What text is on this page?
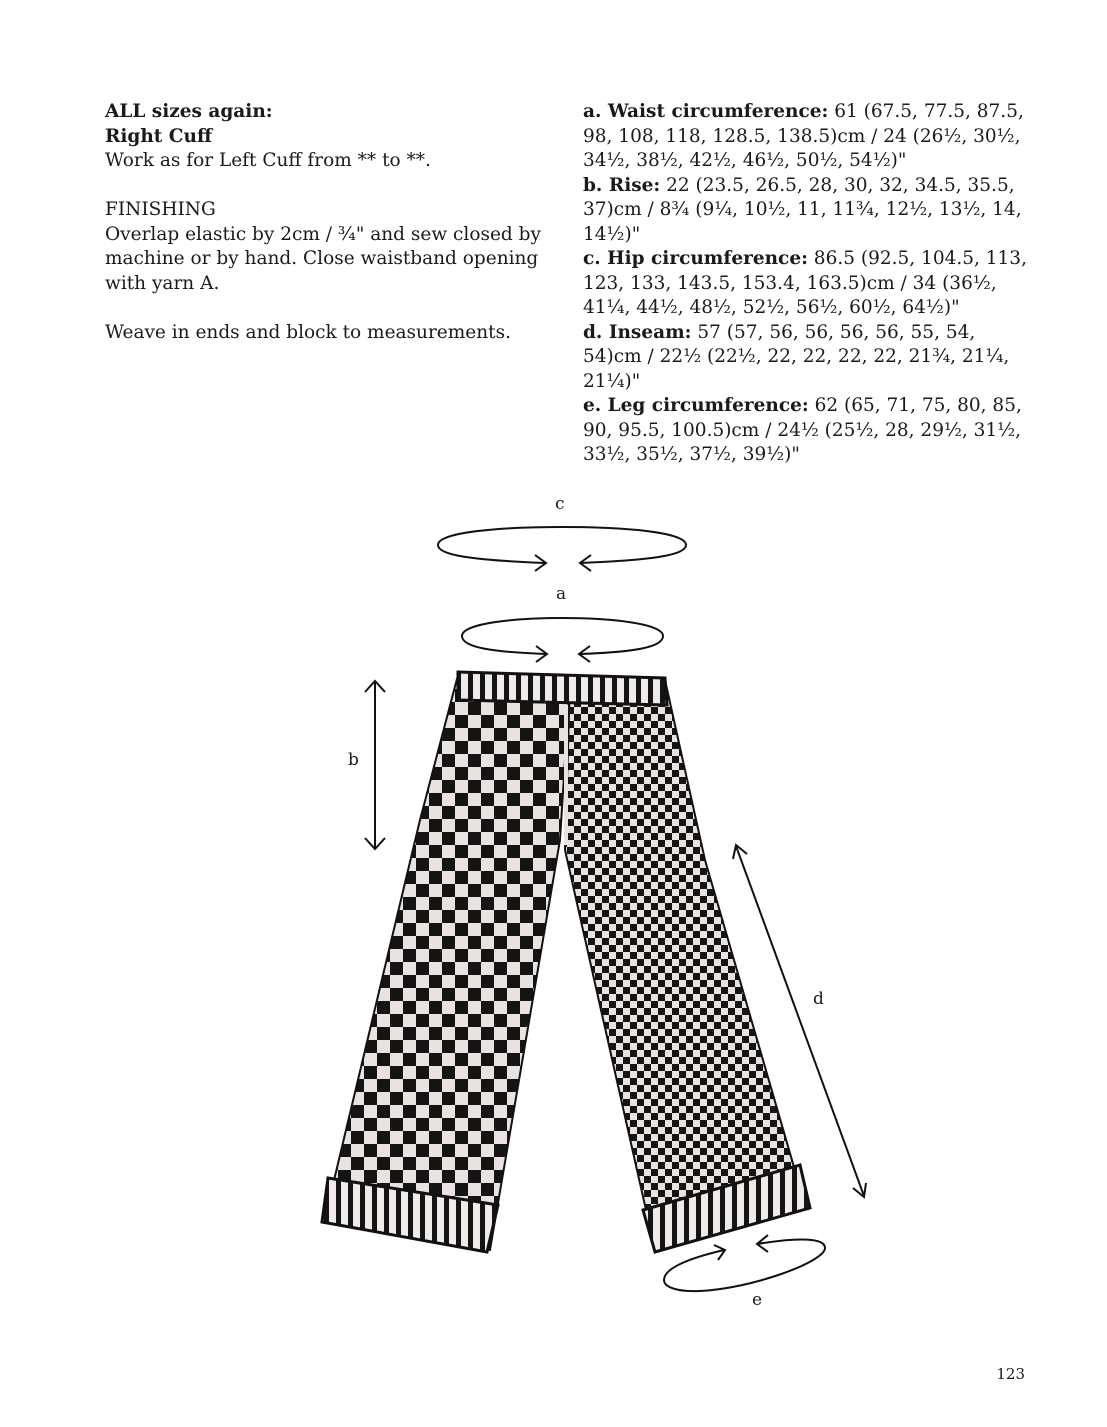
ALL sizes again:
Right Cuff
Work as for Left Cuff from ** to **.
FINISHING
Overlap elastic by 2cm / ¾" and sew closed by machine or by hand. Close waistband opening with yarn A.
Weave in ends and block to measurements.
a. Waist circumference: 61 (67.5, 77.5, 87.5, 98, 108, 118, 128.5, 138.5)cm / 24 (26½, 30½, 34½, 38½, 42½, 46½, 50½, 54½)"
b. Rise: 22 (23.5, 26.5, 28, 30, 32, 34.5, 35.5, 37)cm / 8¾ (9¼, 10½, 11, 11¾, 12½, 13½, 14, 14½)"
c. Hip circumference: 86.5 (92.5, 104.5, 113, 123, 133, 143.5, 153.4, 163.5)cm / 34 (36½, 41¼, 44½, 48½, 52½, 56½, 60½, 64½)"
d. Inseam: 57 (57, 56, 56, 56, 56, 55, 54, 54)cm / 22½ (22½, 22, 22, 22, 22, 21¾, 21¼, 21¼)"
e. Leg circumference: 62 (65, 71, 75, 80, 85, 90, 95.5, 100.5)cm / 24½ (25½, 28, 29½, 31½, 33½, 35½, 37½, 39½)"
c
a
b
d
e
123
